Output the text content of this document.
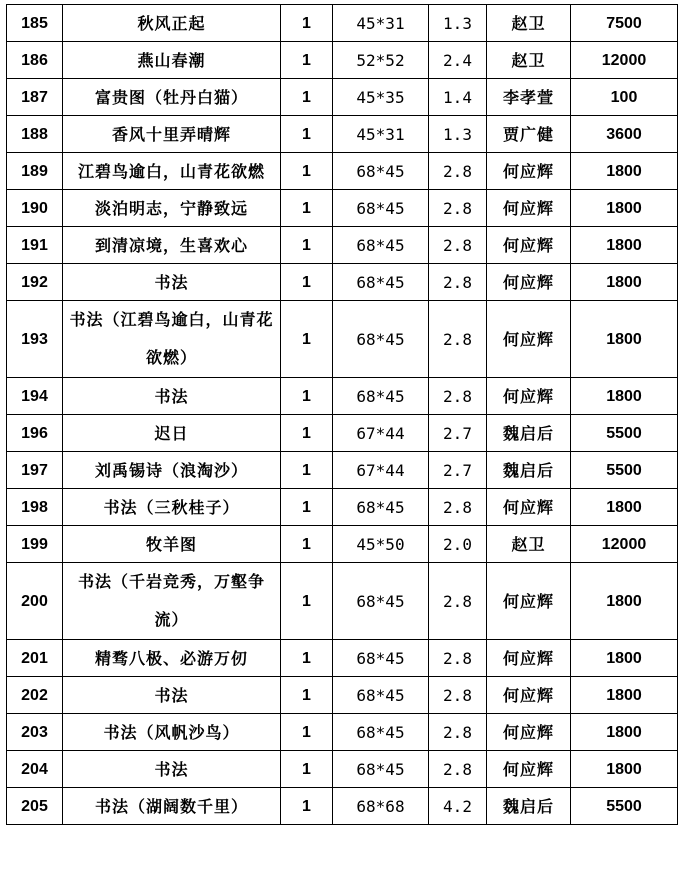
185	秋风正起	1	45*31	1.3	赵卫	7500
186	燕山春潮	1	52*52	2.4	赵卫	12000
187	富贵图（牡丹白猫）	1	45*35	1.4	李孝萱	100
188	香风十里弄晴辉	1	45*31	1.3	贾广健	3600
189	江碧鸟逾白，山青花欲燃	1	68*45	2.8	何应辉	1800
190	淡泊明志，宁静致远	1	68*45	2.8	何应辉	1800
191	到清凉境，生喜欢心	1	68*45	2.8	何应辉	1800
192	书法	1	68*45	2.8	何应辉	1800
193	书法（江碧鸟逾白，山青花欲燃）	1	68*45	2.8	何应辉	1800
194	书法	1	68*45	2.8	何应辉	1800
196	迟日	1	67*44	2.7	魏启后	5500
197	刘禹锡诗（浪淘沙）	1	67*44	2.7	魏启后	5500
198	书法（三秋桂子）	1	68*45	2.8	何应辉	1800
199	牧羊图	1	45*50	2.0	赵卫	12000
200	书法（千岩竞秀，万壑争流）	1	68*45	2.8	何应辉	1800
201	精骛八极、必游万仞	1	68*45	2.8	何应辉	1800
202	书法	1	68*45	2.8	何应辉	1800
203	书法（风帆沙鸟）	1	68*45	2.8	何应辉	1800
204	书法	1	68*45	2.8	何应辉	1800
205	书法（湖阔数千里）	1	68*68	4.2	魏启后	5500
